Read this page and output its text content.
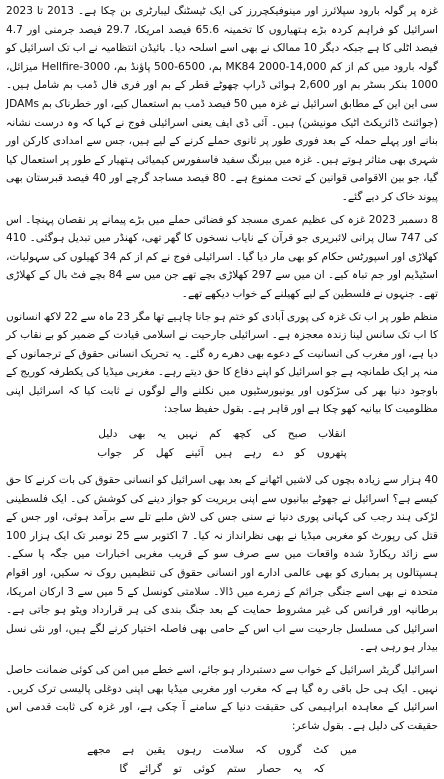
غزہ پر گولہ بارود سپلائرز اور مینوفیکچررز کی ایک ٹیسٹنگ لیبارٹری بن چکا ہے۔ 2013 تا 2023 اسرائیل کو فراہم کردہ بڑے ہتھیاروں کا تخمینہ 65.6 فیصد امریکا، 29.7 فیصد جرمنی اور 4.7 فیصد اٹلی کا ہے جبکہ دیگر 10 ممالک نے بھی اسے اسلحہ دیا۔ بائیڈن انتظامیہ نے اب تک اسرائیل کو گولہ بارود میں کم از کم 14,000-MK84 2000 بم، 6500-500 پاؤنڈ بم، 3000-Hellfire میزائل، 1000 بنکر بسٹر بم اور 2,600 ہوائی ڈراپ چھوٹے قطر کے بم اور فری فال ڈمب بم شامل ہیں۔ سی این این کے مطابق اسرائیل نے غزہ میں 50 فیصد ڈمب بم استعمال کیے، اور خطرناک بم JDAMs (جوائنٹ ڈائریکٹ اٹیک مونیشن) ہیں۔ آئی ڈی ایف یعنی اسرائیلی فوج نے کہا کہ وہ درست نشانہ بنانے اور پہلے حملہ کے بعد فوری طور پر ثانوی حملے کرنے کے لیے ہیں، جس سے امدادی کارکن اور شہری بھی متاثر ہوتے ہیں۔ غزہ میں بیرنگ سفید فاسفورس کیمیائی ہتھیار کے طور پر استعمال کیا گیا، جو بین الاقوامی قوانین کے تحت ممنوع ہے۔ 80 فیصد مساجد گرچے اور 40 فیصد قبرستان بھی پیوند خاک کر دیے گئے۔

8 دسمبر 2023 غزہ کی عظیم عمری مسجد کو فضائی حملے میں بڑے پیمانے پر نقصان پہنچا۔ اس کی 747 سال پرانی لائبریری جو قرآن کے نایاب نسخوں کا گھر تھی، کھنڈر میں تبدیل ہوگئی۔ 410 کھلاڑی اور اسپورٹس حکام کو بھی مار دیا گیا۔ اسرائیلی فوج نے کم از کم 34 کھیلوں کی سہولیات، اسٹیڈیم اور جم تباہ کیے۔ ان میں سے 297 کھلاڑی بچے تھے جن میں سے 84 بچے فٹ بال کے کھلاڑی تھے۔ جنہوں نے فلسطین کے لیے کھیلنے کے خواب دیکھے تھے۔

منظم طور پر اب تک غزہ کی پوری آبادی کو ختم ہو جانا چاہیے تھا مگر 23 ماہ سے 22 لاکھ انسانوں کا اب تک سانس لینا زندہ معجزہ ہے۔ اسرائیلی جارحیت نے اسلامی قیادت کے ضمیر کو بے نقاب کر دیا ہے، اور مغرب کی انسانیت کے دعوے بھی دھرے رہ گئے۔ یہ تحریک انسانی حقوق کے ترجمانوں کے منہ پر ایک طمانچہ ہے جو اسرائیل کو اپنے دفاع کا حق دیتے رہے۔ مغربی میڈیا کی یکطرفہ کوریج کے باوجود دنیا بھر کی سڑکوں اور یونیورسٹیوں میں نکلنے والے لوگوں نے ثابت کیا کہ اسرائیل اپنی مظلومیت کا بیانیہ کھو چکا ہے اور قاہر ہے۔ بقول حفیظ ساجد:

انقلاب صبح کی کچھ کم نہیں یہ بھی دلیل
پتھروں کو دے رہے ہیں آئینے کھل کر جواب

40 ہزار سے زیادہ بچوں کی لاشیں اٹھانے کے بعد بھی اسرائیل کو انسانی حقوق کی بات کرنے کا حق کیسے ہے؟ اسرائیل نے جھوٹے بیانیوں سے اپنی بربریت کو جواز دینے کی کوشش کی۔ ایک فلسطینی لڑکی ہند رجب کی کہانی پوری دنیا نے سنی جس کی لاش ملبے تلے سے برآمد ہوئی، اور جس کے قتل کی رپورٹ کو مغربی میڈیا نے بھی نظرانداز نہ کیا۔ 7 اکتوبر سے 25 نومبر تک ایک ہزار 100 سے زائد ریکارڈ شدہ واقعات میں سے صرف سو کے قریب مغربی اخبارات میں جگہ پا سکے۔ ہسپتالوں پر بمباری کو بھی عالمی ادارے اور انسانی حقوق کی تنظیمیں روک نہ سکیں، اور اقوام متحدہ نے بھی اسے جنگی جرائم کے زمرے میں ڈالا۔ سلامتی کونسل کے 5 میں سے 3 ارکان امریکا، برطانیہ اور فرانس کی غیر مشروط حمایت کے بعد جنگ بندی کی ہر قرارداد ویٹو ہو جاتی ہے۔ اسرائیل کی مسلسل جارحیت سے اب اس کے حامی بھی فاصلہ اختیار کرنے لگے ہیں، اور نئی نسل بیدار ہو رہی ہے۔

اسرائیل گریٹر اسرائیل کے خواب سے دستبردار ہو جائے، اسے خطے میں امن کی کوئی ضمانت حاصل نہیں۔ ایک ہی حل باقی رہ گیا ہے کہ مغرب اور مغربی میڈیا بھی اپنی دوغلی پالیسی ترک کریں۔ اسرائیل کے معاہدہ ابراہیمی کی حقیقت دنیا کے سامنے آ چکی ہے، اور غزہ کی ثابت قدمی اس حقیقت کی دلیل ہے۔ بقول شاعر:

میں کٹ گروں کہ سلامت رہوں یقین ہے مجھے
کہ یہ حصار ستم کوئی تو گرائے گا
